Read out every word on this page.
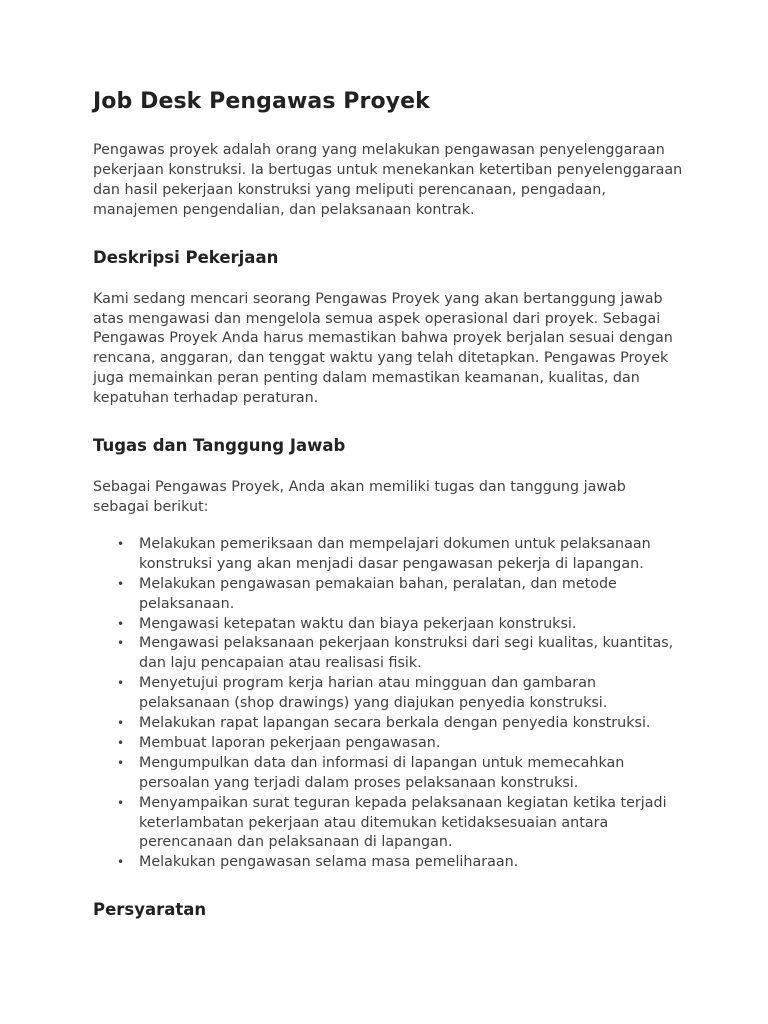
Job Desk Pengawas Proyek

Pengawas proyek adalah orang yang melakukan pengawasan penyelenggaraan pekerjaan konstruksi. Ia bertugas untuk menekankan ketertiban penyelenggaraan dan hasil pekerjaan konstruksi yang meliputi perencanaan, pengadaan, manajemen pengendalian, dan pelaksanaan kontrak.

Deskripsi Pekerjaan

Kami sedang mencari seorang Pengawas Proyek yang akan bertanggung jawab atas mengawasi dan mengelola semua aspek operasional dari proyek. Sebagai Pengawas Proyek Anda harus memastikan bahwa proyek berjalan sesuai dengan rencana, anggaran, dan tenggat waktu yang telah ditetapkan. Pengawas Proyek juga memainkan peran penting dalam memastikan keamanan, kualitas, dan kepatuhan terhadap peraturan.

Tugas dan Tanggung Jawab

Sebagai Pengawas Proyek, Anda akan memiliki tugas dan tanggung jawab sebagai berikut:

• Melakukan pemeriksaan dan mempelajari dokumen untuk pelaksanaan konstruksi yang akan menjadi dasar pengawasan pekerja di lapangan.
• Melakukan pengawasan pemakaian bahan, peralatan, dan metode pelaksanaan.
• Mengawasi ketepatan waktu dan biaya pekerjaan konstruksi.
• Mengawasi pelaksanaan pekerjaan konstruksi dari segi kualitas, kuantitas, dan laju pencapaian atau realisasi fisik.
• Menyetujui program kerja harian atau mingguan dan gambaran pelaksanaan (shop drawings) yang diajukan penyedia konstruksi.
• Melakukan rapat lapangan secara berkala dengan penyedia konstruksi.
• Membuat laporan pekerjaan pengawasan.
• Mengumpulkan data dan informasi di lapangan untuk memecahkan persoalan yang terjadi dalam proses pelaksanaan konstruksi.
• Menyampaikan surat teguran kepada pelaksanaan kegiatan ketika terjadi keterlambatan pekerjaan atau ditemukan ketidaksesuaian antara perencanaan dan pelaksanaan di lapangan.
• Melakukan pengawasan selama masa pemeliharaan.
Persyaratan
